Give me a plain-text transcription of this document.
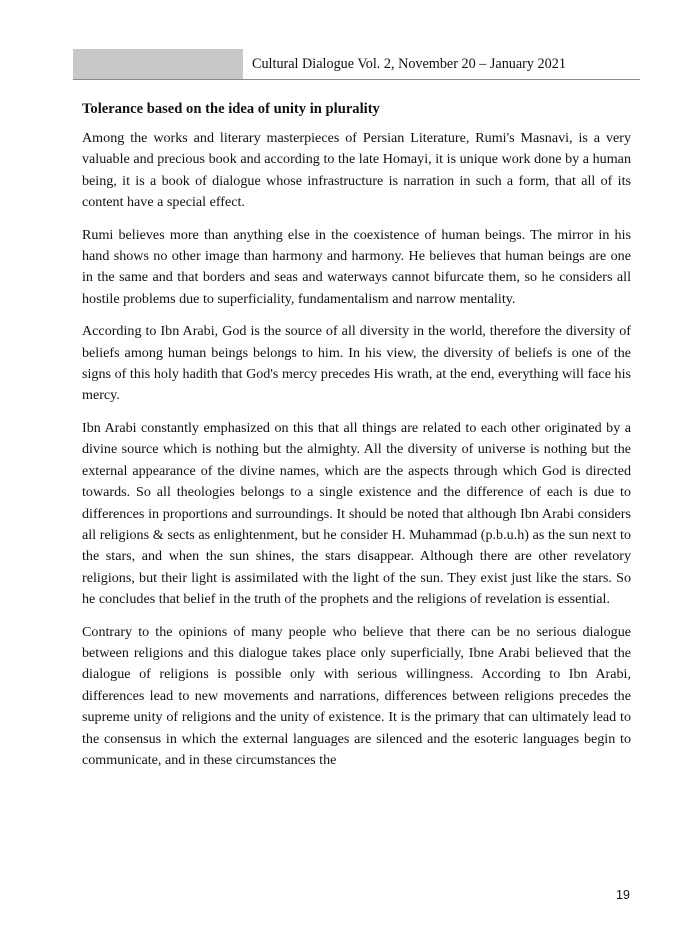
Cultural Dialogue Vol. 2, November 20 – January 2021
Tolerance based on the idea of unity in plurality

Among the works and literary masterpieces of Persian Literature, Rumi's Masnavi, is a very valuable and precious book and according to the late Homayi, it is unique work done by a human being, it is a book of dialogue whose infrastructure is narration in such a form, that all of its content have a special effect.

Rumi believes more than anything else in the coexistence of human beings. The mirror in his hand shows no other image than harmony and harmony. He believes that human beings are one in the same and that borders and seas and waterways cannot bifurcate them, so he considers all hostile problems due to superficiality, fundamentalism and narrow mentality.

According to Ibn Arabi, God is the source of all diversity in the world, therefore the diversity of beliefs among human beings belongs to him. In his view, the diversity of beliefs is one of the signs of this holy hadith that God's mercy precedes His wrath, at the end, everything will face his mercy.

Ibn Arabi constantly emphasized on this that all things are related to each other originated by a divine source which is nothing but the almighty. All the diversity of universe is nothing but the external appearance of the divine names, which are the aspects through which God is directed towards. So all theologies belongs to a single existence and the difference of each is due to differences in proportions and surroundings. It should be noted that although Ibn Arabi considers all religions & sects as enlightenment, but he consider H. Muhammad (p.b.u.h) as the sun next to the stars, and when the sun shines, the stars disappear. Although there are other revelatory religions, but their light is assimilated with the light of the sun. They exist just like the stars. So he concludes that belief in the truth of the prophets and the religions of revelation is essential.

Contrary to the opinions of many people who believe that there can be no serious dialogue between religions and this dialogue takes place only superficially, Ibne Arabi believed that the dialogue of religions is possible only with serious willingness. According to Ibn Arabi, differences lead to new movements and narrations, differences between religions precedes the supreme unity of religions and the unity of existence. It is the primary that can ultimately lead to the consensus in which the external languages are silenced and the esoteric languages begin to communicate, and in these circumstances the

19
